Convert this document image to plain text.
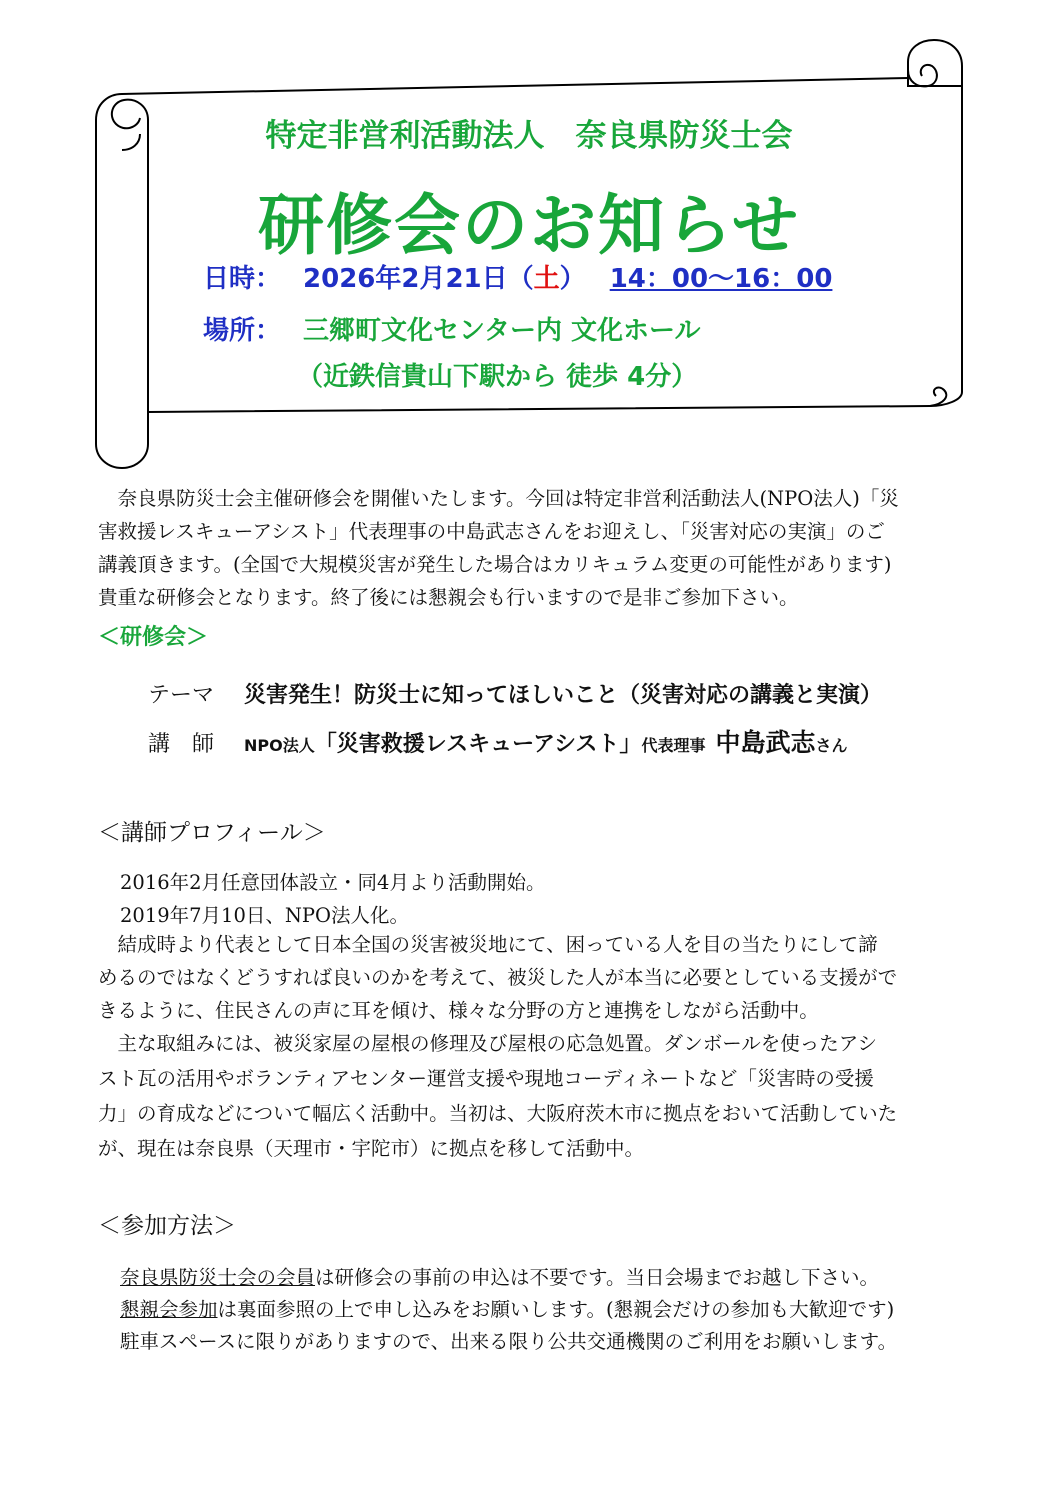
特定非営利活動法人　奈良県防災士会
研修会のお知らせ
日時： 2026年2月21日（土） 14：00～16：00
場所： 三郷町文化センター内 文化ホール
（近鉄信貴山下駅から 徒歩 4分）
　奈良県防災士会主催研修会を開催いたします。今回は特定非営利活動法人(NPO法人)「災
害救援レスキューアシスト」代表理事の中島武志さんをお迎えし、「災害対応の実演」のご
講義頂きます。(全国で大規模災害が発生した場合はカリキュラム変更の可能性があります)
貴重な研修会となります。終了後には懇親会も行いますので是非ご参加下さい。
＜研修会＞
テーマ 災害発生！防災士に知ってほしいこと（災害対応の講義と実演）
講　師 NPO法人「災害救援レスキューアシスト」代表理事 中島武志さん
＜講師プロフィール＞
2016年2月任意団体設立・同4月より活動開始。
2019年7月10日、NPO法人化。
　結成時より代表として日本全国の災害被災地にて、困っている人を目の当たりにして諦
めるのではなくどうすれば良いのかを考えて、被災した人が本当に必要としている支援がで
きるように、住民さんの声に耳を傾け、様々な分野の方と連携をしながら活動中。
　主な取組みには、被災家屋の屋根の修理及び屋根の応急処置。ダンボールを使ったアシ
スト瓦の活用やボランティアセンター運営支援や現地コーディネートなど「災害時の受援
力」の育成などについて幅広く活動中。当初は、大阪府茨木市に拠点をおいて活動していた
が、現在は奈良県（天理市・宇陀市）に拠点を移して活動中。
＜参加方法＞
奈良県防災士会の会員は研修会の事前の申込は不要です。当日会場までお越し下さい。
懇親会参加は裏面参照の上で申し込みをお願いします。(懇親会だけの参加も大歓迎です)
駐車スペースに限りがありますので、出来る限り公共交通機関のご利用をお願いします。
